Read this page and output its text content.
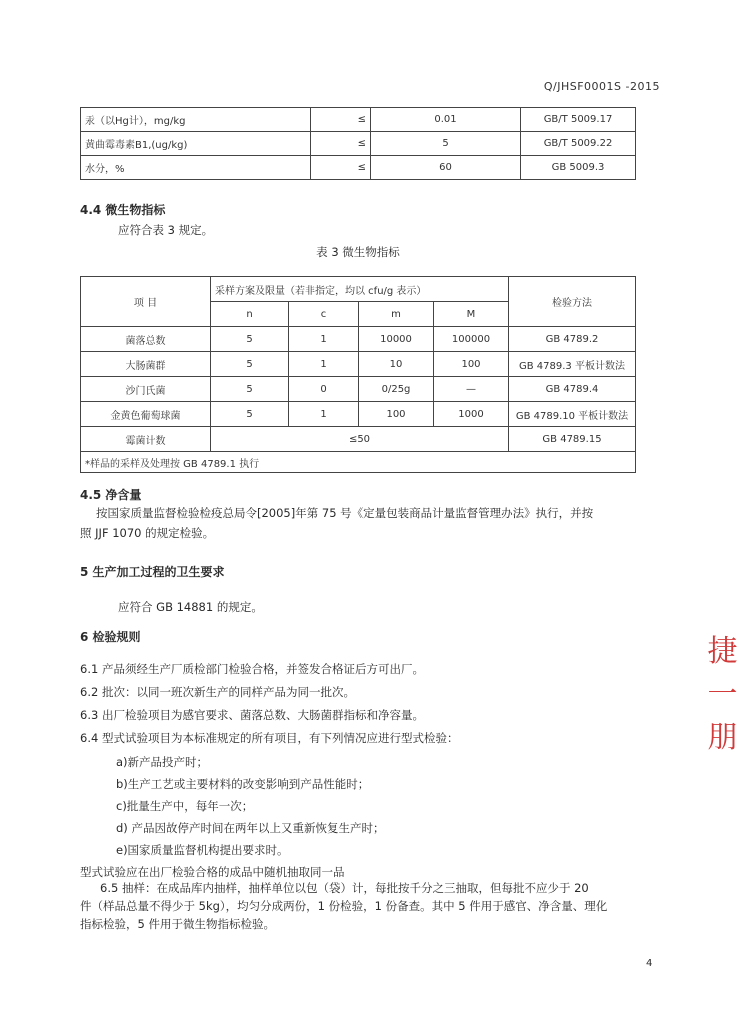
Q/JHSF0001S -2015
汞（以Hg计），mg/kg	≤	0.01	GB/T 5009.17
黄曲霉毒素B1,(ug/kg)	≤	5	GB/T 5009.22
水分，%	≤	60	GB 5009.3
4.4 微生物指标
应符合表 3 规定。
表 3 微生物指标
项 目	采样方案及限量（若非指定，均以 cfu/g 表示）				检验方法
	n	c	m	M	
菌落总数	5	1	10000	100000	GB 4789.2
大肠菌群	5	1	10	100	GB 4789.3 平板计数法
沙门氏菌	5	0	0/25g	—	GB 4789.4
金黄色葡萄球菌	5	1	100	1000	GB 4789.10 平板计数法
霉菌计数	≤50				GB 4789.15
*样品的采样及处理按 GB 4789.1 执行					
4.5 净含量
按国家质量监督检验检疫总局令[2005]年第 75 号《定量包装商品计量监督管理办法》执行，并按
照 JJF 1070 的规定检验。
5 生产加工过程的卫生要求
应符合 GB 14881 的规定。
6 检验规则
6.1 产品须经生产厂质检部门检验合格，并签发合格证后方可出厂。
6.2 批次：以同一班次新生产的同样产品为同一批次。
6.3 出厂检验项目为感官要求、菌落总数、大肠菌群指标和净容量。
6.4 型式试验项目为本标准规定的所有项目，有下列情况应进行型式检验：
a)新产品投产时；
b)生产工艺或主要材料的改变影响到产品性能时；
c)批量生产中，每年一次；
d) 产品因故停产时间在两年以上又重新恢复生产时；
e)国家质量监督机构提出要求时。
型式试验应在出厂检验合格的成品中随机抽取同一品
6.5 抽样：在成品库内抽样，抽样单位以包（袋）计，每批按千分之三抽取，但每批不应少于 20
件（样品总量不得少于 5kg），均匀分成两份，1 份检验，1 份备查。其中 5 件用于感官、净含量、理化
指标检验，5 件用于微生物指标检验。
4
捷
一
朋
